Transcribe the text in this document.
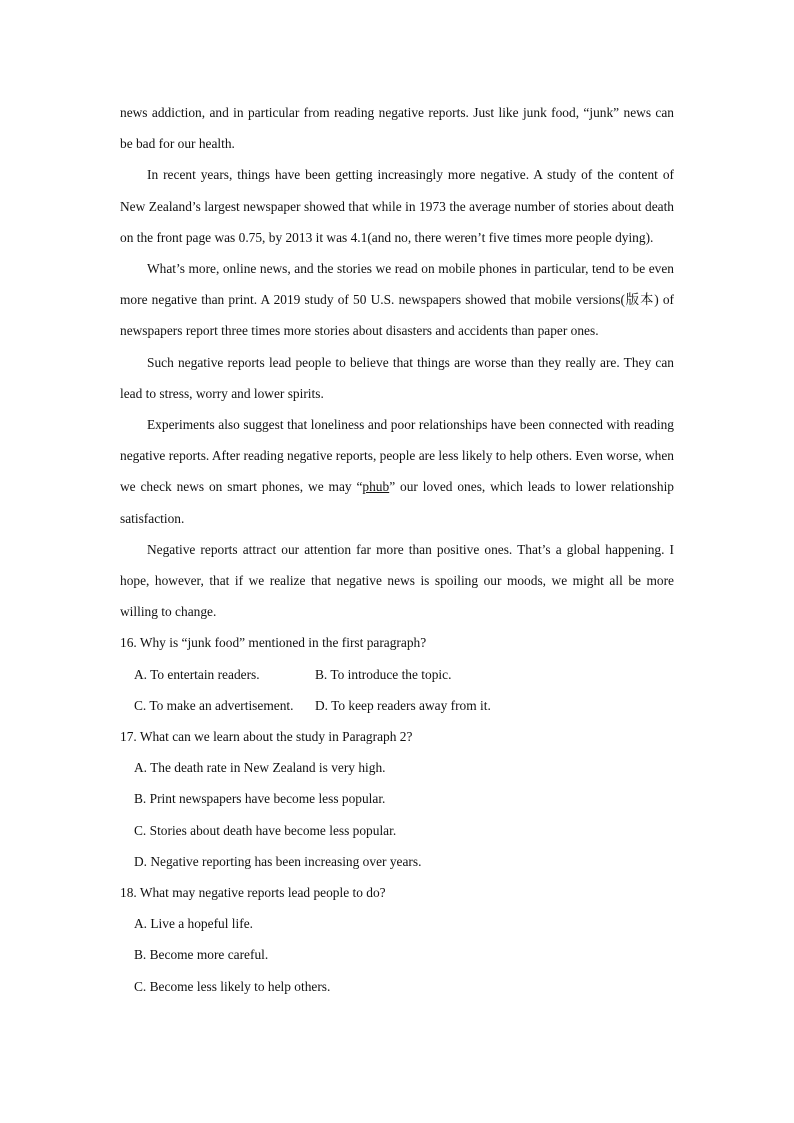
news addiction, and in particular from reading negative reports. Just like junk food, “junk” news can be bad for our health.

In recent years, things have been getting increasingly more negative. A study of the content of New Zealand’s largest newspaper showed that while in 1973 the average number of stories about death on the front page was 0.75, by 2013 it was 4.1(and no, there weren’t five times more people dying).

What’s more, online news, and the stories we read on mobile phones in particular, tend to be even more negative than print. A 2019 study of 50 U.S. newspapers showed that mobile versions(版本) of newspapers report three times more stories about disasters and accidents than paper ones.

Such negative reports lead people to believe that things are worse than they really are. They can lead to stress, worry and lower spirits.

Experiments also suggest that loneliness and poor relationships have been connected with reading negative reports. After reading negative reports, people are less likely to help others. Even worse, when we check news on smart phones, we may “phub” our loved ones, which leads to lower relationship satisfaction.

Negative reports attract our attention far more than positive ones. That’s a global happening. I hope, however, that if we realize that negative news is spoiling our moods, we might all be more willing to change.

16. Why is “junk food” mentioned in the first paragraph?

A. To entertain readers.	B. To introduce the topic.
C. To make an advertisement.	D. To keep readers away from it.

17. What can we learn about the study in Paragraph 2?

A. The death rate in New Zealand is very high.

B. Print newspapers have become less popular.

C. Stories about death have become less popular.

D. Negative reporting has been increasing over years.

18. What may negative reports lead people to do?

A. Live a hopeful life.

B. Become more careful.

C. Become less likely to help others.
